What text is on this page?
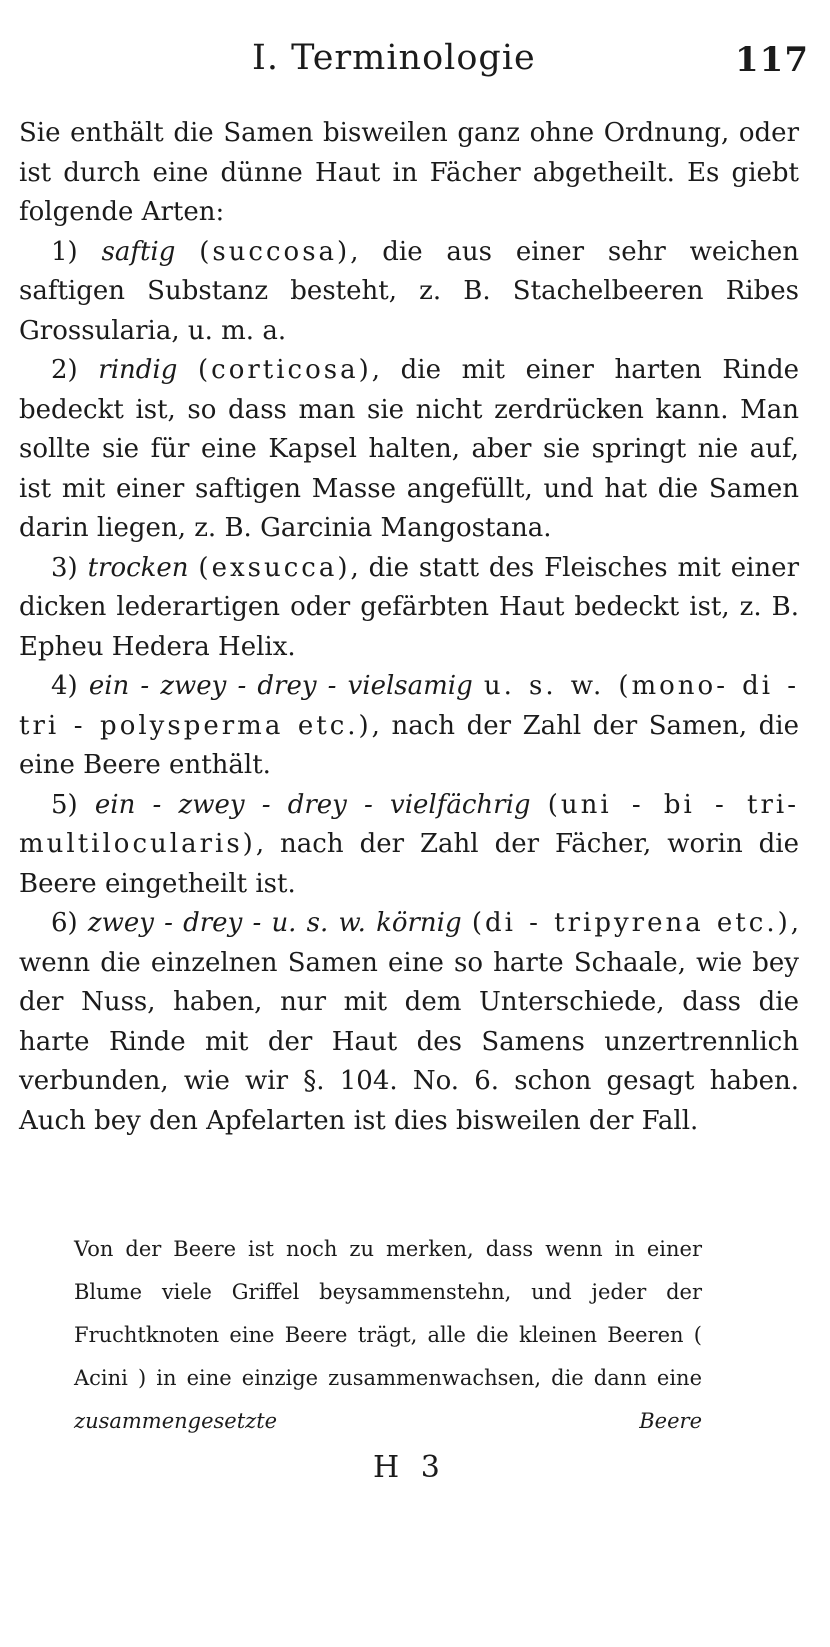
I. Terminologie	117

Sie enthält die Samen bisweilen ganz ohne Ordnung, oder ist durch eine dünne Haut in Fächer abgetheilt. Es giebt folgende Arten:

1) saftig (succosa), die aus einer sehr weichen saftigen Substanz besteht, z. B. Stachelbeeren Ribes Grossularia, u. m. a.

2) rindig (corticosa), die mit einer harten Rinde bedeckt ist, so dass man sie nicht zerdrücken kann. Man sollte sie für eine Kapsel halten, aber sie springt nie auf, ist mit einer saftigen Masse angefüllt, und hat die Samen darin liegen, z. B. Garcinia Mangostana.

3) trocken (exsucca), die statt des Fleisches mit einer dicken lederartigen oder gefärbten Haut bedeckt ist, z. B. Epheu Hedera Helix.

4) ein - zwey - drey - vielsamig u. s. w. (mono- di - tri - polysperma etc.), nach der Zahl der Samen, die eine Beere enthält.

5) ein - zwey - drey - vielfächrig (uni - bi - tri- multilocularis), nach der Zahl der Fächer, worin die Beere eingetheilt ist.

6) zwey - drey - u. s. w. körnig (di - tripyrena etc.), wenn die einzelnen Samen eine so harte Schaale, wie bey der Nuss, haben, nur mit dem Unterschiede, dass die harte Rinde mit der Haut des Samens unzertrennlich verbunden, wie wir §. 104. No. 6. schon gesagt haben. Auch bey den Apfelarten ist dies bisweilen der Fall.

Von der Beere ist noch zu merken, dass wenn in einer Blume viele Griffel beysammenstehn, und jeder der Fruchtknoten eine Beere trägt, alle die kleinen Beeren ( Acini ) in eine einzige zusammenwachsen, die dann eine zusammengesetzte Beere

H 3
